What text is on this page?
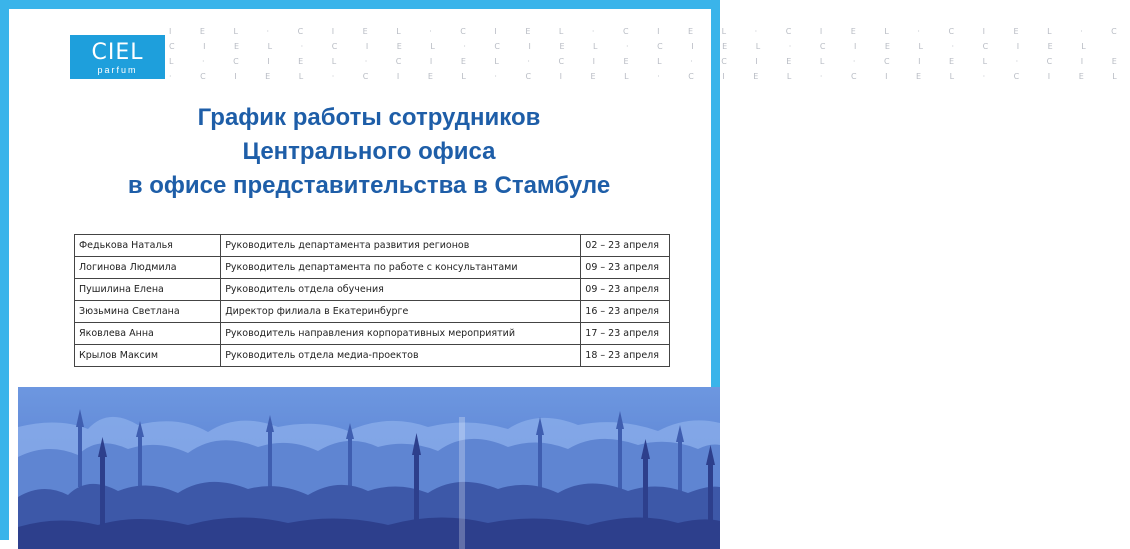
I E L · C I E L · C I E L · C I E L · C I E L · C I E L · C
C I E L · C I E L · C I E L · C I E L · C I E L · C I E L
L · C I E L · C I E L · C I E L · C I E L · C I E L · C I E
· C I E L · C I E L · C I E L · C I E L · C I E L · C I E L
CIEL
parfum
График работы сотрудников
Центрального офиса
в офисе представительства в Стамбуле
Федькова Наталья	Руководитель департамента развития регионов	02 – 23 апреля
Логинова Людмила	Руководитель департамента по работе с консультантами	09 – 23 апреля
Пушилина Елена	Руководитель отдела обучения	09 – 23 апреля
Зюзьмина Светлана	Директор филиала в Екатеринбурге	16 – 23 апреля
Яковлева Анна	Руководитель направления корпоративных мероприятий	17 – 23 апреля
Крылов Максим	Руководитель отдела медиа-проектов	18 – 23 апреля
